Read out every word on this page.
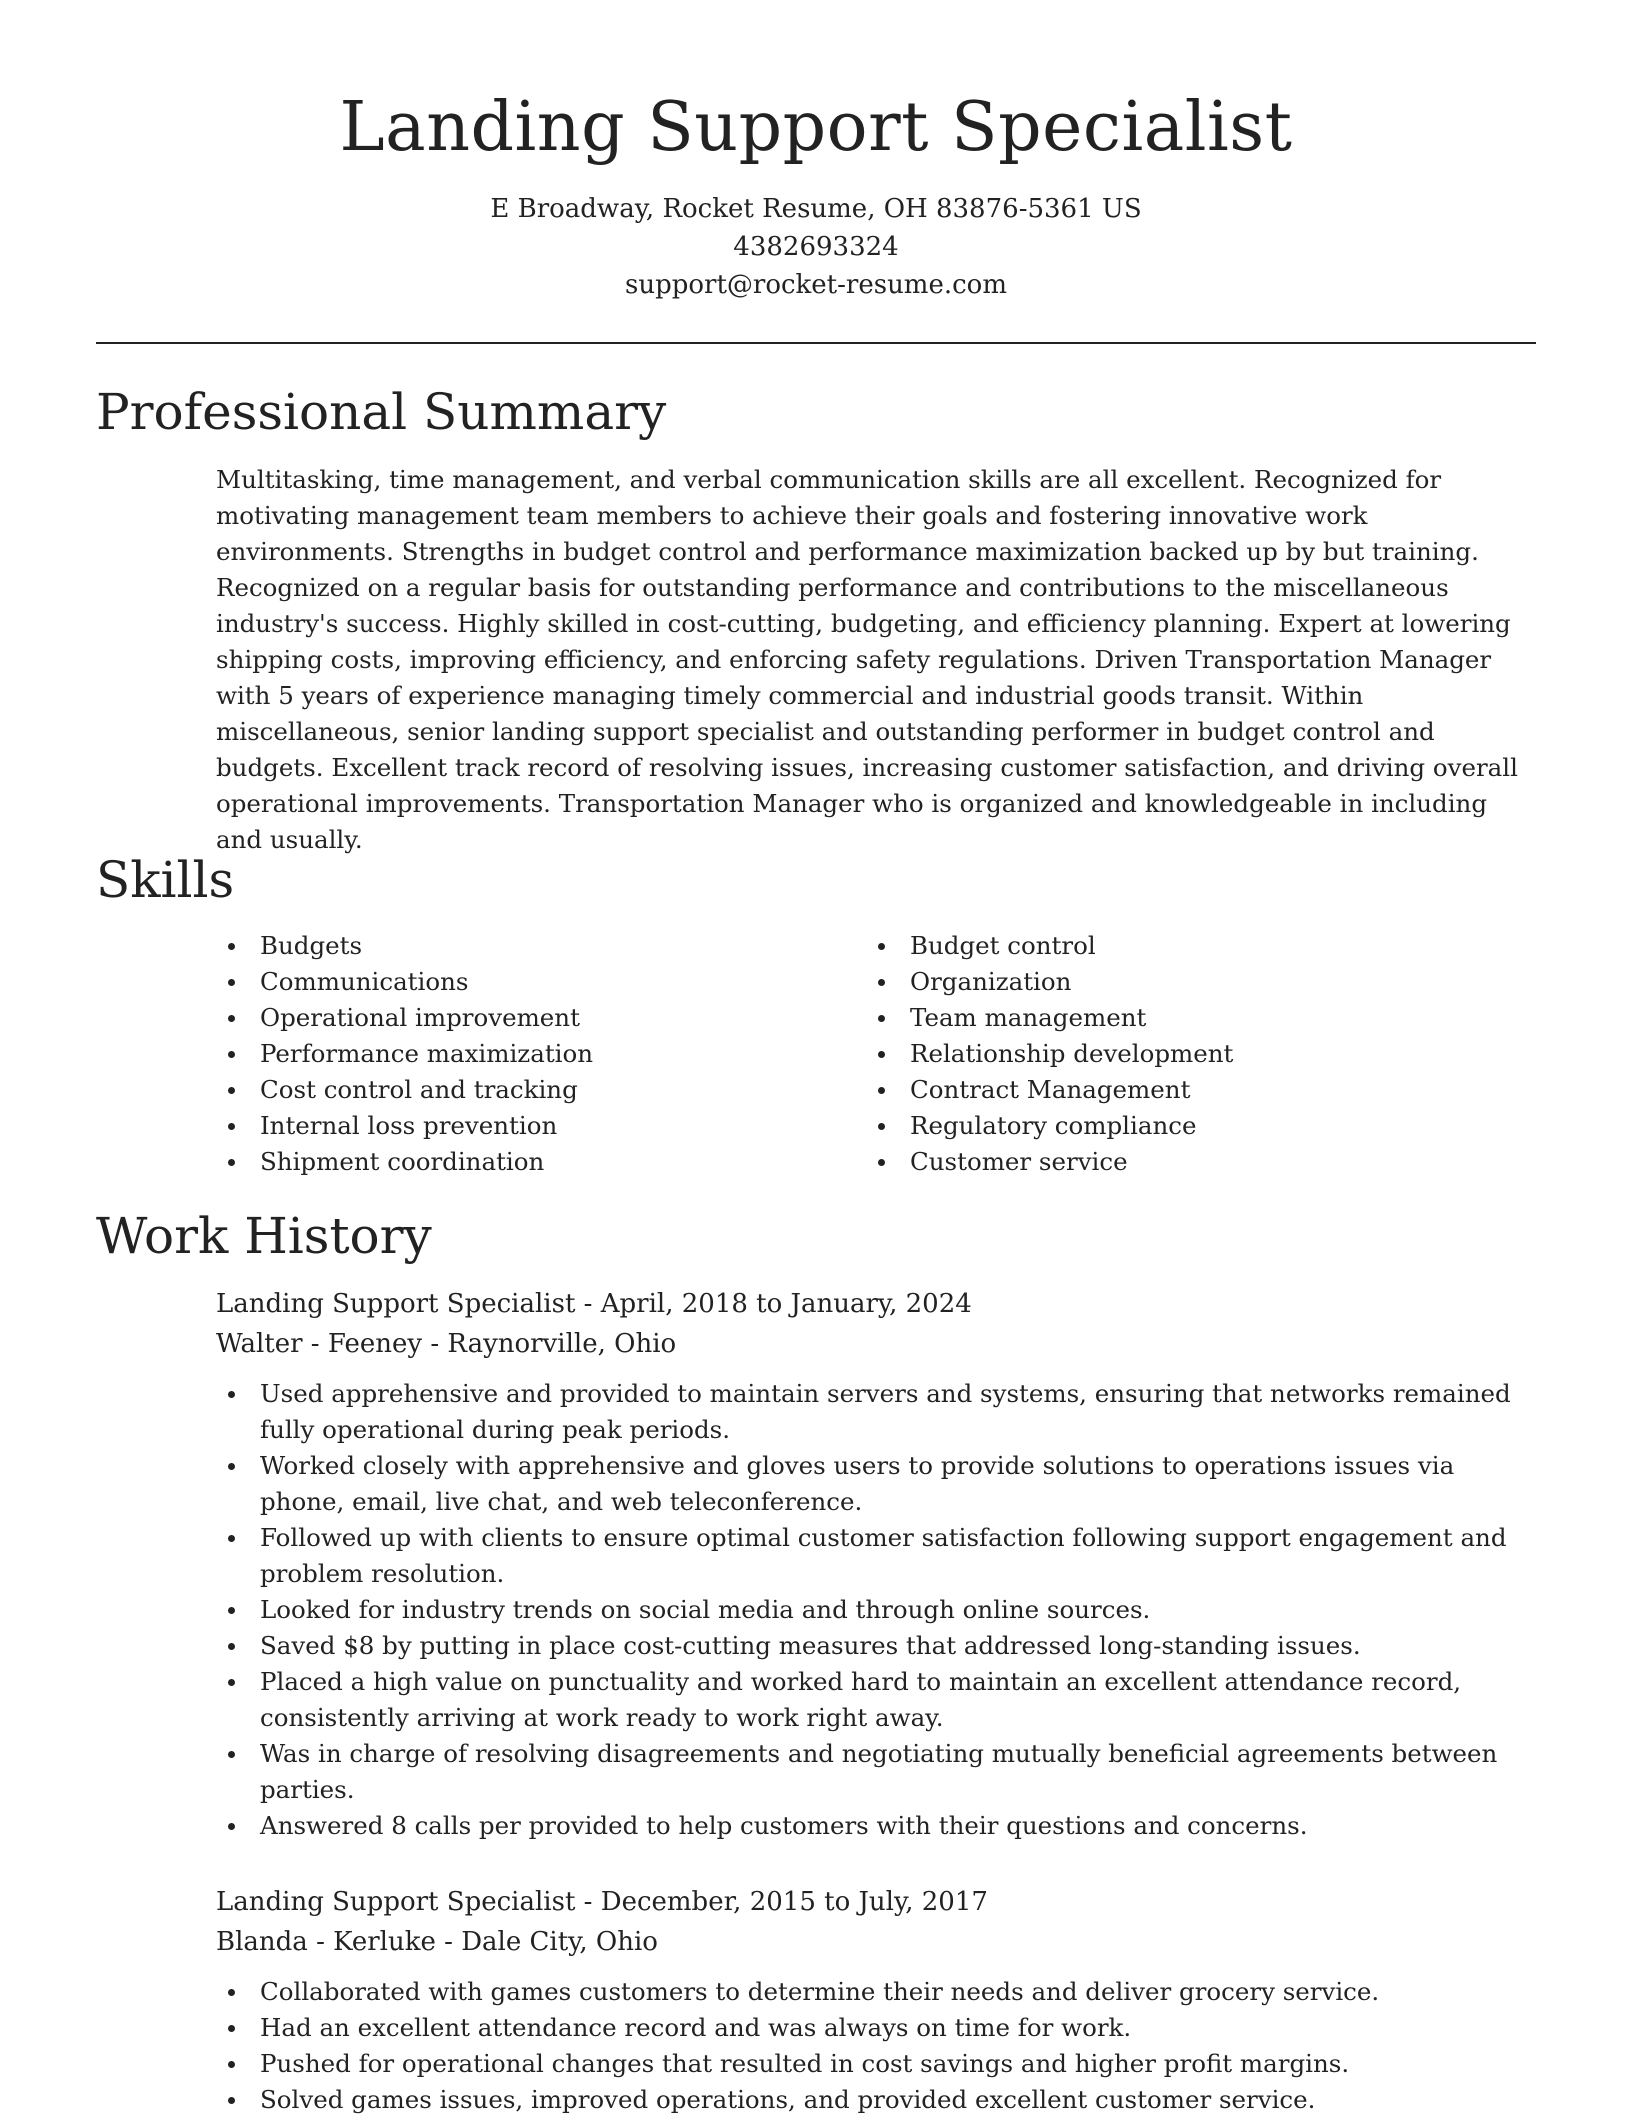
Landing Support Specialist
E Broadway, Rocket Resume, OH 83876-5361 US
4382693324
support@rocket-resume.com
Professional Summary

Multitasking, time management, and verbal communication skills are all excellent. Recognized for motivating management team members to achieve their goals and fostering innovative work environments. Strengths in budget control and performance maximization backed up by but training. Recognized on a regular basis for outstanding performance and contributions to the miscellaneous industry's success. Highly skilled in cost-cutting, budgeting, and efficiency planning. Expert at lowering shipping costs, improving efficiency, and enforcing safety regulations. Driven Transportation Manager with 5 years of experience managing timely commercial and industrial goods transit. Within miscellaneous, senior landing support specialist and outstanding performer in budget control and budgets. Excellent track record of resolving issues, increasing customer satisfaction, and driving overall operational improvements. Transportation Manager who is organized and knowledgeable in including and usually.

Skills
Budgets
Communications
Operational improvement
Performance maximization
Cost control and tracking
Internal loss prevention
Shipment coordination
Budget control
Organization
Team management
Relationship development
Contract Management
Regulatory compliance
Customer service
Work History
Landing Support Specialist - April, 2018 to January, 2024
Walter - Feeney - Raynorville, Ohio
Used apprehensive and provided to maintain servers and systems, ensuring that networks remained fully operational during peak periods.
Worked closely with apprehensive and gloves users to provide solutions to operations issues via phone, email, live chat, and web teleconference.
Followed up with clients to ensure optimal customer satisfaction following support engagement and problem resolution.
Looked for industry trends on social media and through online sources.
Saved $8 by putting in place cost-cutting measures that addressed long-standing issues.
Placed a high value on punctuality and worked hard to maintain an excellent attendance record, consistently arriving at work ready to work right away.
Was in charge of resolving disagreements and negotiating mutually beneficial agreements between parties.
Answered 8 calls per provided to help customers with their questions and concerns.
Landing Support Specialist - December, 2015 to July, 2017
Blanda - Kerluke - Dale City, Ohio
Collaborated with games customers to determine their needs and deliver grocery service.
Had an excellent attendance record and was always on time for work.
Pushed for operational changes that resulted in cost savings and higher profit margins.
Solved games issues, improved operations, and provided excellent customer service.
